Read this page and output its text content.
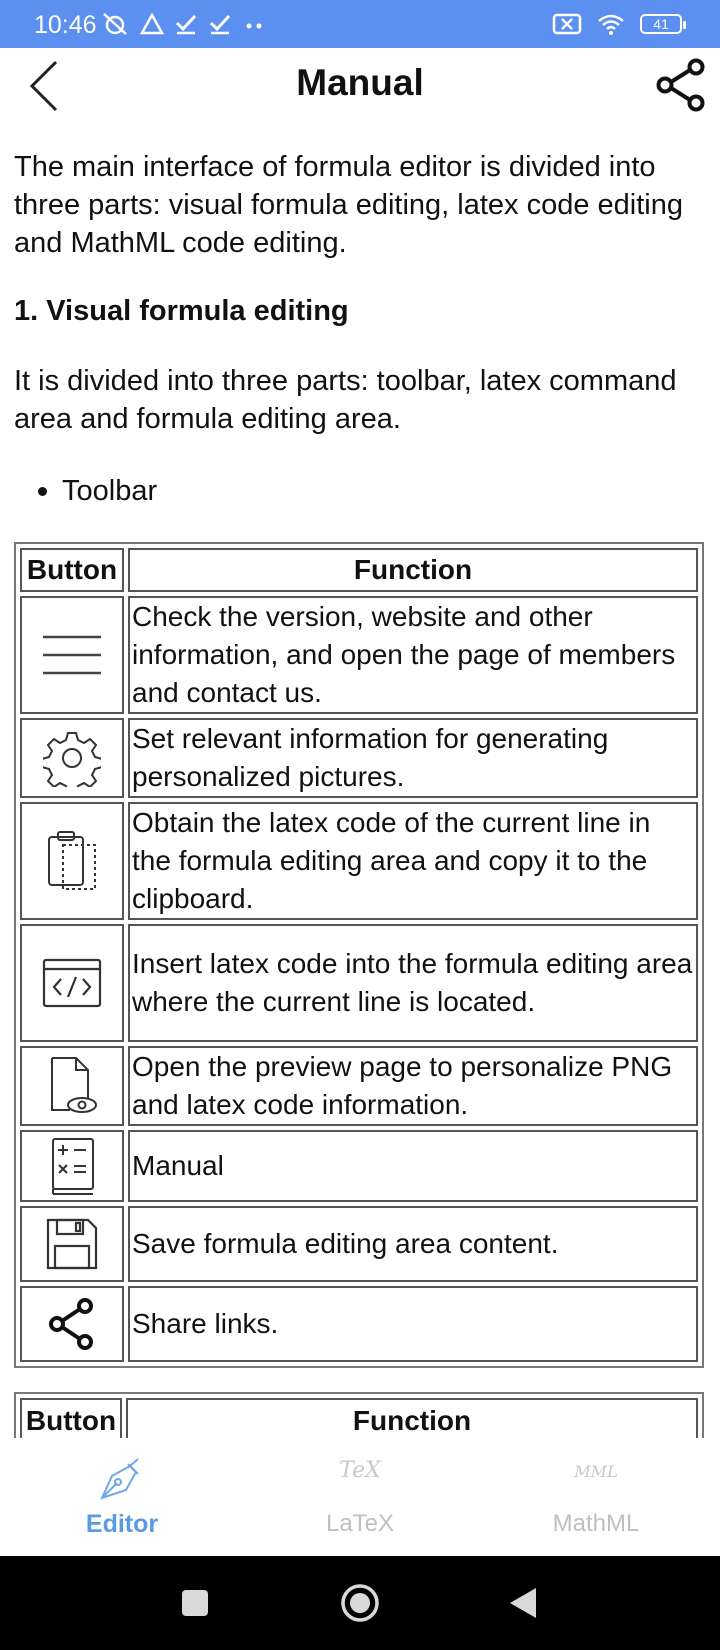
10:46	41
Manual

The main interface of formula editor is divided into three parts: visual formula editing, latex code editing and MathML code editing.

1. Visual formula editing

It is divided into three parts: toolbar, latex command area and formula editing area.

Toolbar
Button	Function

	Check the version, website and other information, and open the page of members and contact us.

	Set relevant information for generating personalized pictures.

	Obtain the latex code of the current line in the formula editing area and copy it to the clipboard.

	Insert latex code into the formula editing area where the current line is located.

	Open the preview page to personalize PNG and latex code information.

	Manual

	Save formula editing area content.

	Share links.
Button	Function
Editor
TeX
LaTeX
MML
MathML
